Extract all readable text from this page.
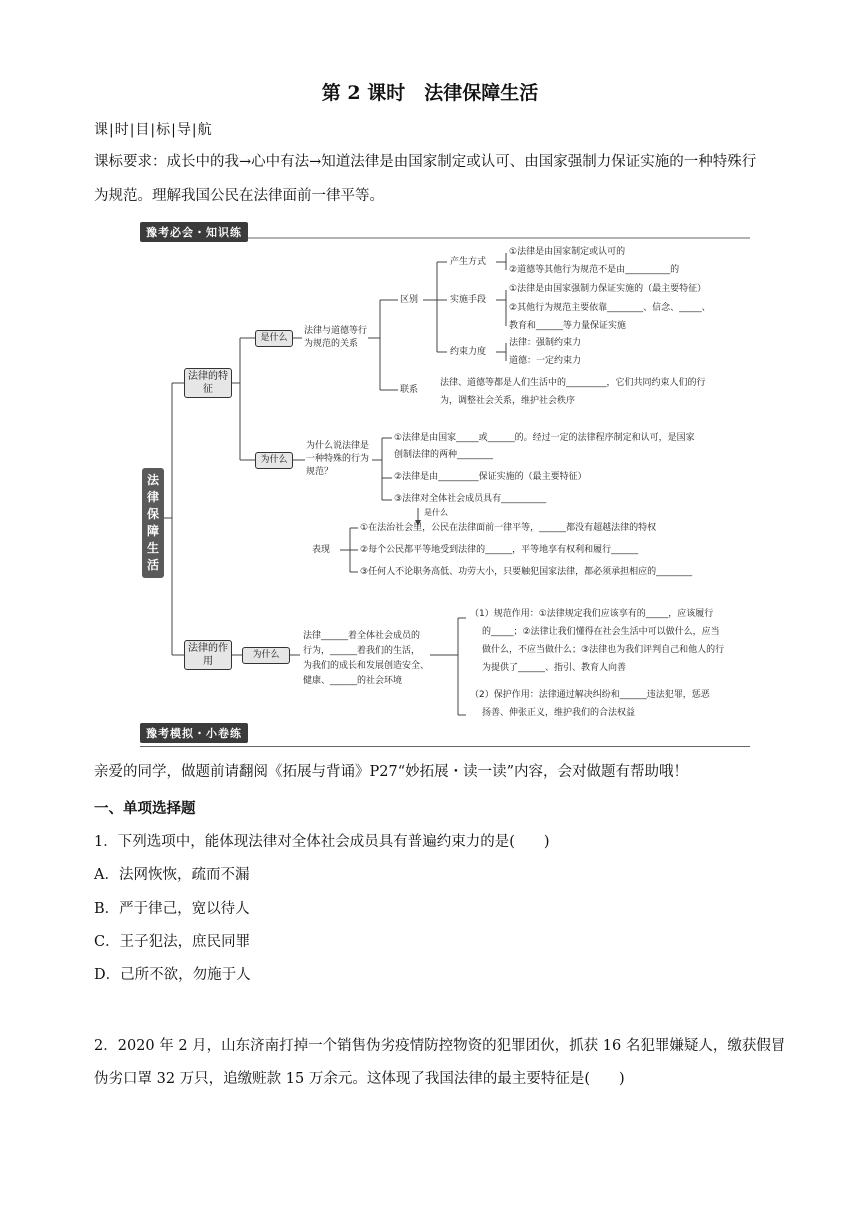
第 2 课时　法律保障生活
课|时|目|标|导|航
课标要求：成长中的我→心中有法→知道法律是由国家制定或认可、由国家强制力保证实施的一种特殊行
为规范。理解我国公民在法律面前一律平等。
豫考必会・知识练
豫考模拟・小卷练
法律保障生活
法律的特征
法律的作用
是什么
为什么
为什么
法律与道德等行为规范的关系
区别
联系
产生方式
实施手段
约束力度
①法律是由国家制定或认可的
②道德等其他行为规范不是由__________的
①法律是由国家强制力保证实施的（最主要特征）
②其他行为规范主要依靠________、信念、_____、
教育和______等力量保证实施
法律：强制约束力
道德：一定约束力
法律、道德等都是人们生活中的_________，它们共同约束人们的行
为，调整社会关系，维护社会秩序
为什么说法律是一种特殊的行为规范？
①法律是由国家_____或______的。经过一定的法律程序制定和认可，是国家
创制法律的两种________
②法律是由_________保证实施的（最主要特征）
③法律对全体社会成员具有__________
是什么
表现
①在法治社会里，公民在法律面前一律平等，______都没有超越法律的特权
②每个公民都平等地受到法律的______，平等地享有权利和履行______
③任何人不论职务高低、功劳大小，只要触犯国家法律，都必须承担相应的________
法律______着全体社会成员的
行为，______着我们的生活，
为我们的成长和发展创造安全、
健康、______的社会环境
（1）规范作用：①法律规定我们应该享有的_____，应该履行
的_____；②法律让我们懂得在社会生活中可以做什么，应当
做什么，不应当做什么；③法律也为我们评判自己和他人的行
为提供了______、指引、教育人向善
（2）保护作用：法律通过解决纠纷和______违法犯罪，惩恶
扬善、伸张正义，维护我们的合法权益
亲爱的同学，做题前请翻阅《拓展与背诵》P27“妙拓展・读一读”内容，会对做题有帮助哦！
一、单项选择题
1．下列选项中，能体现法律对全体社会成员具有普遍约束力的是(　　)
A．法网恢恢，疏而不漏
B．严于律己，宽以待人
C．王子犯法，庶民同罪
D．己所不欲，勿施于人
2．2020 年 2 月，山东济南打掉一个销售伪劣疫情防控物资的犯罪团伙，抓获 16 名犯罪嫌疑人，缴获假冒
伪劣口罩 32 万只，追缴赃款 15 万余元。这体现了我国法律的最主要特征是(　　)
